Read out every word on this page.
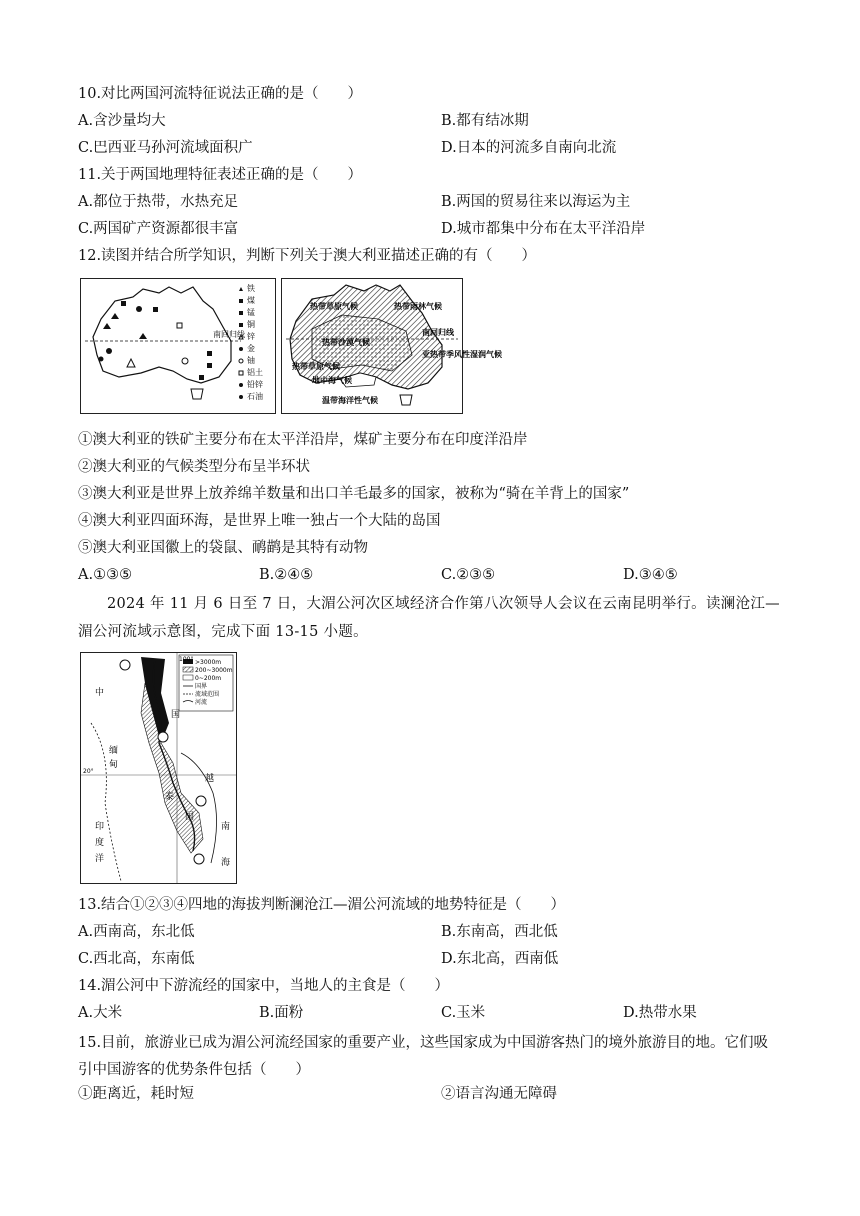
10.对比两国河流特征说法正确的是（　　）
A.含沙量均大	B.都有结冰期
C.巴西亚马孙河流域面积广	D.日本的河流多自南向北流
11.关于两国地理特征表述正确的是（　　）
A.都位于热带，水热充足	B.两国的贸易往来以海运为主
C.两国矿产资源都很丰富	D.城市都集中分布在太平洋沿岸
12.读图并结合所学知识，判断下列关于澳大利亚描述正确的有（　　）
南回归线
铁
煤
锰
铜
锌
金
铀
铝土
铅锌
石油
热带草原气候	热带雨林气候
南回归线
热带沙漠气候
亚热带季风性湿润气候
热带草原气候
地中海气候
温带海洋性气候
①澳大利亚的铁矿主要分布在太平洋沿岸，煤矿主要分布在印度洋沿岸
②澳大利亚的气候类型分布呈半环状
③澳大利亚是世界上放养绵羊数量和出口羊毛最多的国家，被称为“骑在羊背上的国家”
④澳大利亚四面环海，是世界上唯一独占一个大陆的岛国
⑤澳大利亚国徽上的袋鼠、鸸鹋是其特有动物
A.①③⑤	B.②④⑤	C.②③⑤	D.③④⑤
2024 年 11 月 6 日至 7 日，大湄公河次区域经济合作第八次领导人会议在云南昆明举行。读澜沧江—湄公河流域示意图，完成下面 13-15 小题。
>3000m
200~3000m
0~200m
国界
流域范围
河流
中
国
缅
甸
泰
国
越
南
海
印
度
洋
100°
20°
13.结合①②③④四地的海拔判断澜沧江—湄公河流域的地势特征是（　　）
A.西南高，东北低	B.东南高，西北低
C.西北高，东南低	D.东北高，西南低
14.湄公河中下游流经的国家中，当地人的主食是（　　）
A.大米	B.面粉	C.玉米	D.热带水果
15.目前，旅游业已成为湄公河流经国家的重要产业，这些国家成为中国游客热门的境外旅游目的地。它们吸引中国游客的优势条件包括（　　）
①距离近，耗时短	②语言沟通无障碍
